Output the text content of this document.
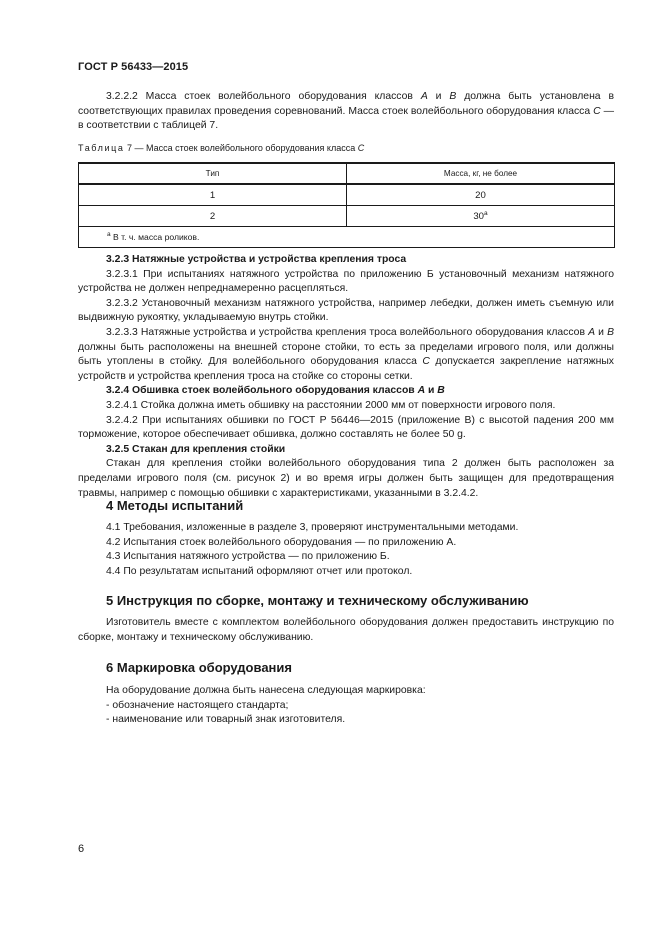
ГОСТ Р 56433—2015

3.2.2.2 Масса стоек волейбольного оборудования классов A и B должна быть установлена в соответствующих правилах проведения соревнований. Масса стоек волейбольного оборудования класса C — в соответствии с таблицей 7.

Таблица 7 — Масса стоек волейбольного оборудования класса C
Тип	Масса, кг, не более
1	20
2	30$^a$
$^a$ В т. ч. масса роликов.	

3.2.3 Натяжные устройства и устройства крепления троса

3.2.3.1 При испытаниях натяжного устройства по приложению Б установочный механизм натяжного устройства не должен непреднамеренно расцепляться.

3.2.3.2 Установочный механизм натяжного устройства, например лебедки, должен иметь съемную или выдвижную рукоятку, укладываемую внутрь стойки.

3.2.3.3 Натяжные устройства и устройства крепления троса волейбольного оборудования классов A и B должны быть расположены на внешней стороне стойки, то есть за пределами игрового поля, или должны быть утоплены в стойку. Для волейбольного оборудования класса C допускается закрепление натяжных устройств и устройства крепления троса на стойке со стороны сетки.

3.2.4 Обшивка стоек волейбольного оборудования классов A и B

3.2.4.1 Стойка должна иметь обшивку на расстоянии 2000 мм от поверхности игрового поля.

3.2.4.2 При испытаниях обшивки по ГОСТ Р 56446—2015 (приложение В) с высотой падения 200 мм торможение, которое обеспечивает обшивка, должно составлять не более 50 g.

3.2.5 Стакан для крепления стойки

Стакан для крепления стойки волейбольного оборудования типа 2 должен быть расположен за пределами игрового поля (см. рисунок 2) и во время игры должен быть защищен для предотвращения травмы, например с помощью обшивки с характеристиками, указанными в 3.2.4.2.

4 Методы испытаний

4.1 Требования, изложенные в разделе 3, проверяют инструментальными методами.

4.2 Испытания стоек волейбольного оборудования — по приложению А.

4.3 Испытания натяжного устройства — по приложению Б.

4.4 По результатам испытаний оформляют отчет или протокол.

5 Инструкция по сборке, монтажу и техническому обслуживанию

Изготовитель вместе с комплектом волейбольного оборудования должен предоставить инструкцию по сборке, монтажу и техническому обслуживанию.

6 Маркировка оборудования

На оборудование должна быть нанесена следующая маркировка:

- обозначение настоящего стандарта;

- наименование или товарный знак изготовителя.

6
